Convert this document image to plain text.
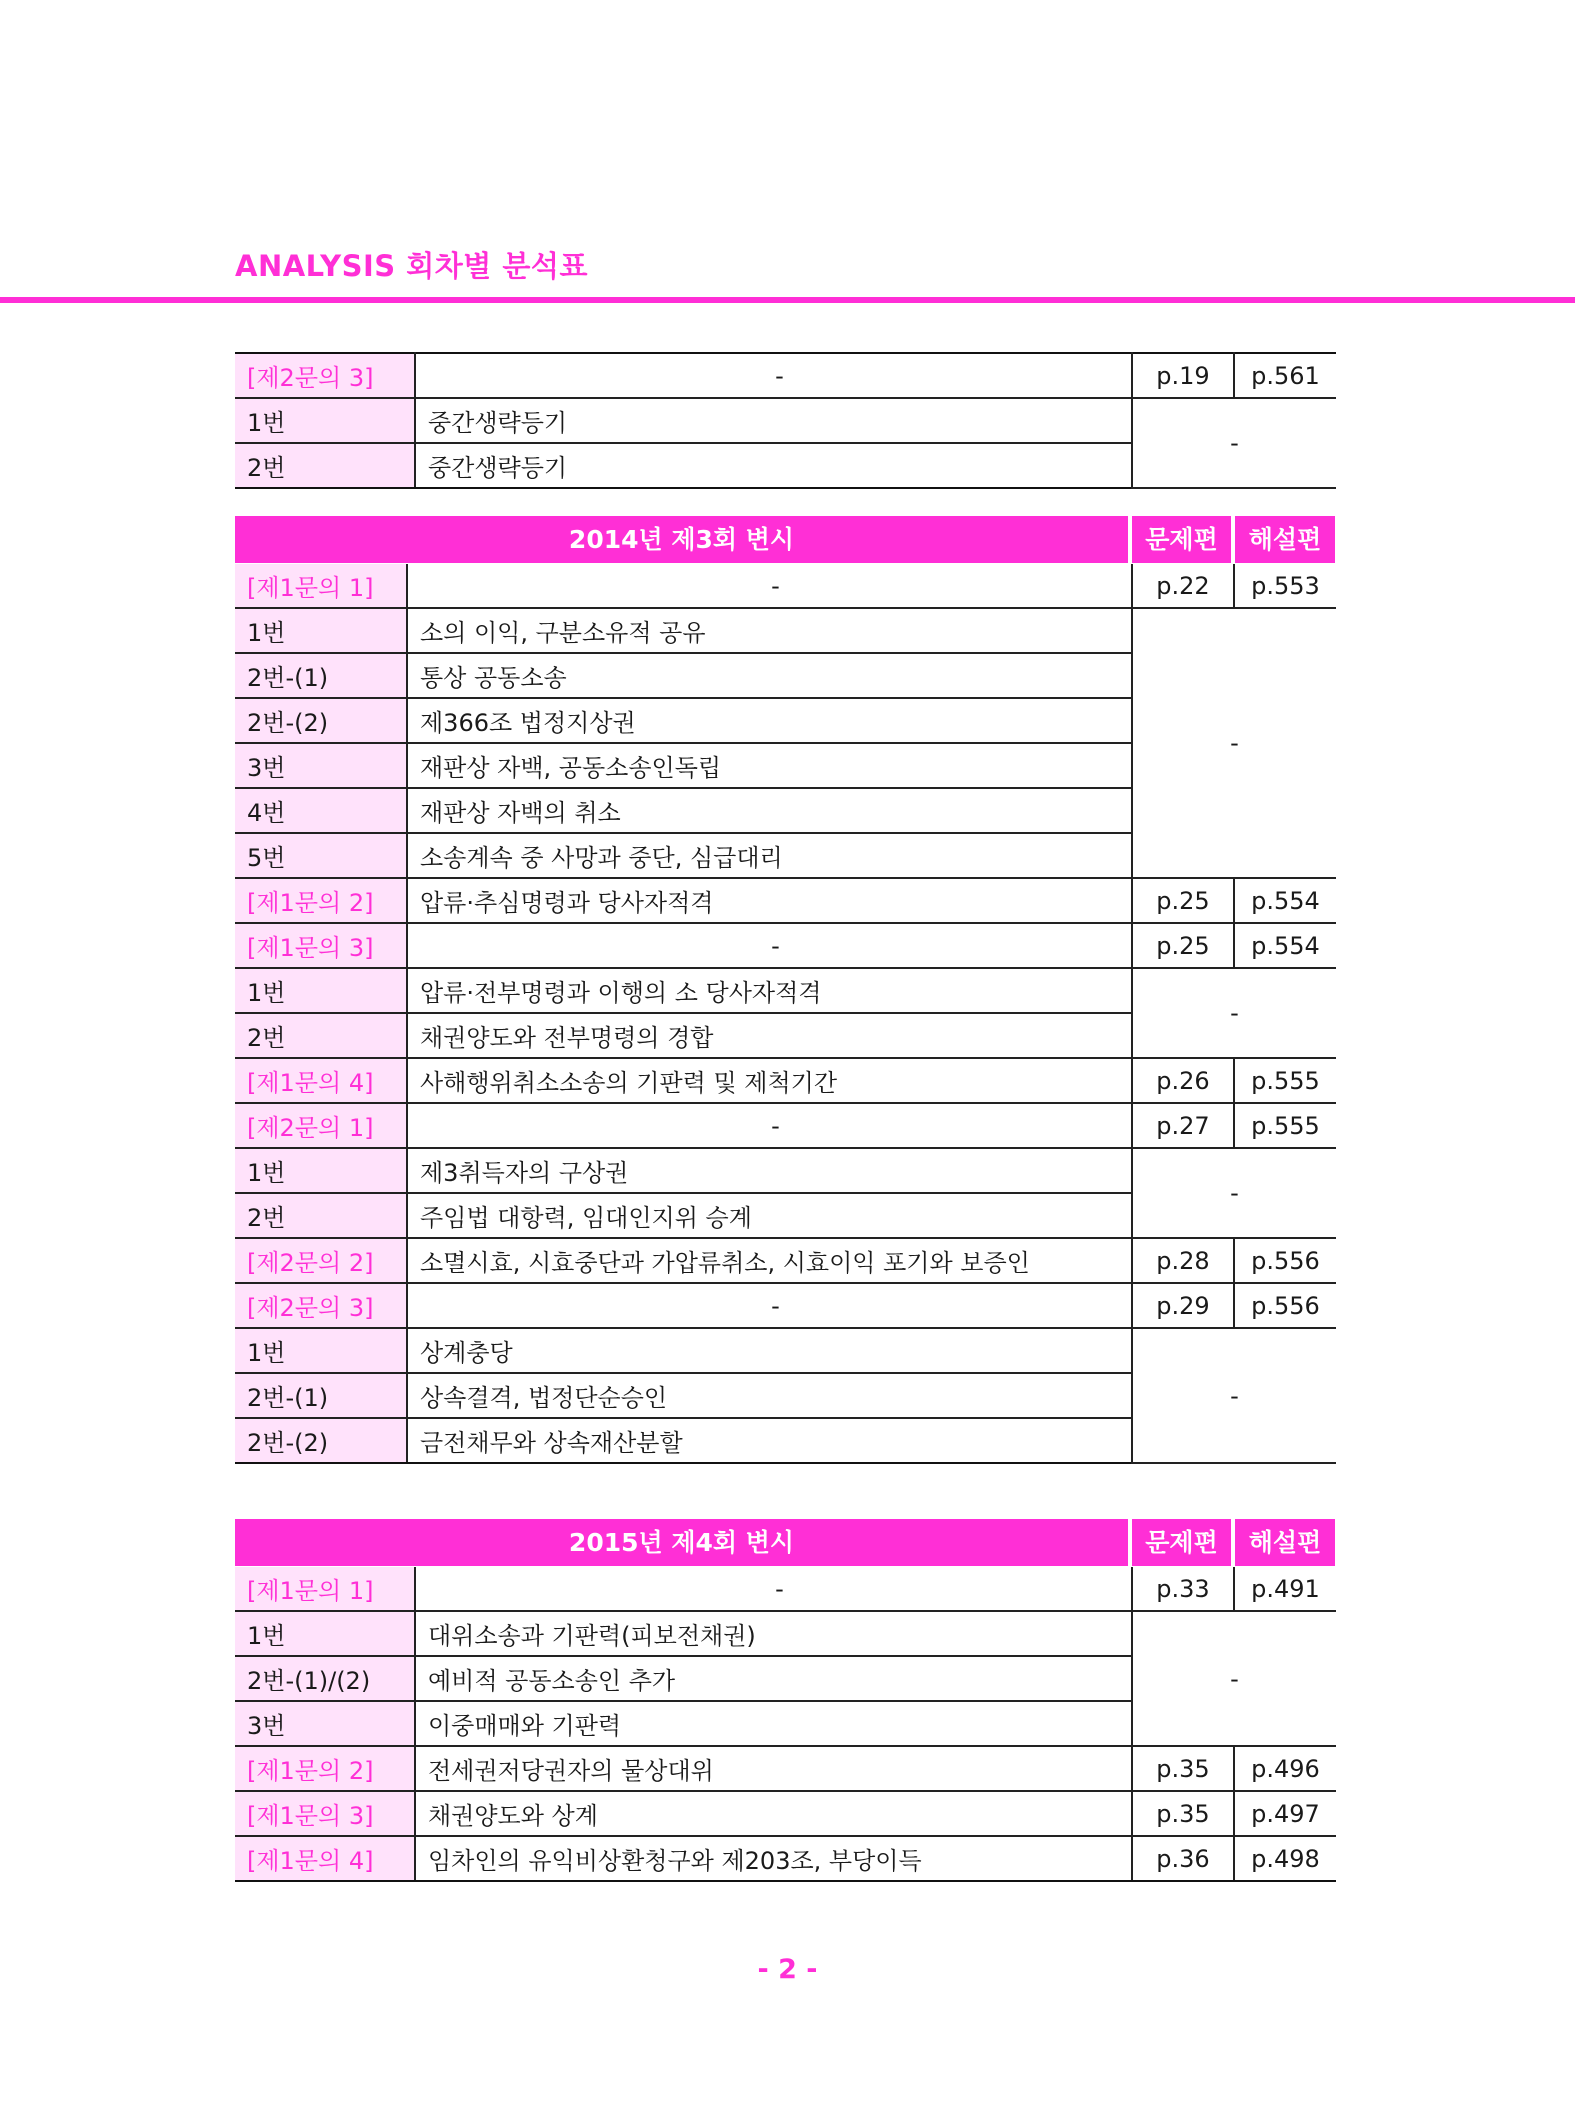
ANALYSIS 회차별 분석표
[제2문의 3]	-	p.19	p.561
1번	중간생략등기	-	
2번	중간생략등기		
2014년 제3회 변시	문제편	해설편
[제1문의 1]	-	p.22	p.553
1번	소의 이익, 구분소유적 공유	-	
2번-(1)	통상 공동소송		
2번-(2)	제366조 법정지상권		
3번	재판상 자백, 공동소송인독립		
4번	재판상 자백의 취소		
5번	소송계속 중 사망과 중단, 심급대리		
[제1문의 2]	압류·추심명령과 당사자적격	p.25	p.554
[제1문의 3]	-	p.25	p.554
1번	압류·전부명령과 이행의 소 당사자적격	-	
2번	채권양도와 전부명령의 경합		
[제1문의 4]	사해행위취소소송의 기판력 및 제척기간	p.26	p.555
[제2문의 1]	-	p.27	p.555
1번	제3취득자의 구상권	-	
2번	주임법 대항력, 임대인지위 승계		
[제2문의 2]	소멸시효, 시효중단과 가압류취소, 시효이익 포기와 보증인	p.28	p.556
[제2문의 3]	-	p.29	p.556
1번	상계충당	-	
2번-(1)	상속결격, 법정단순승인		
2번-(2)	금전채무와 상속재산분할		
2015년 제4회 변시	문제편	해설편
[제1문의 1]	-	p.33	p.491
1번	대위소송과 기판력(피보전채권)	-	
2번-(1)/(2)	예비적 공동소송인 추가		
3번	이중매매와 기판력		
[제1문의 2]	전세권저당권자의 물상대위	p.35	p.496
[제1문의 3]	채권양도와 상계	p.35	p.497
[제1문의 4]	임차인의 유익비상환청구와 제203조, 부당이득	p.36	p.498
- 2 -
